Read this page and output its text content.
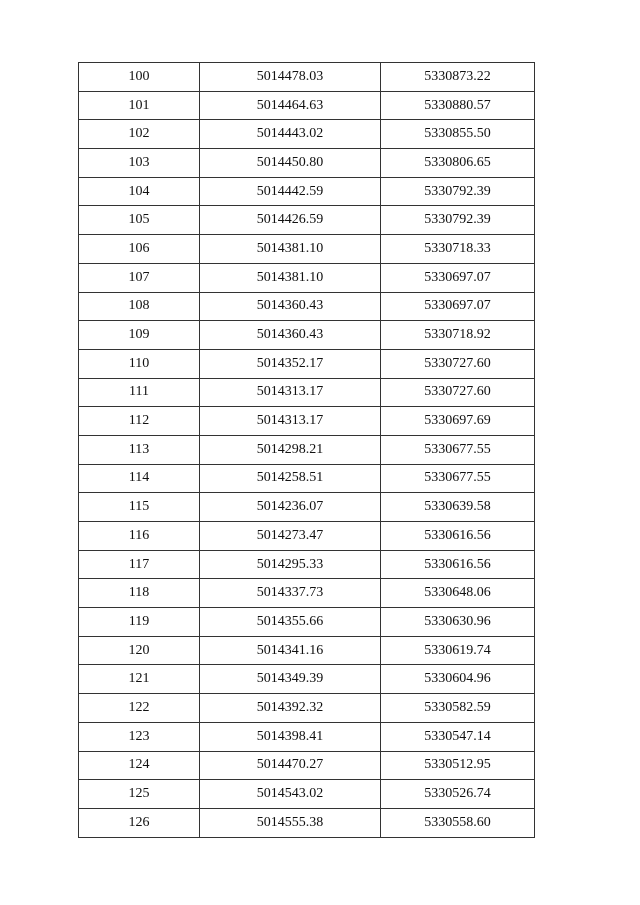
100	5014478.03	5330873.22
101	5014464.63	5330880.57
102	5014443.02	5330855.50
103	5014450.80	5330806.65
104	5014442.59	5330792.39
105	5014426.59	5330792.39
106	5014381.10	5330718.33
107	5014381.10	5330697.07
108	5014360.43	5330697.07
109	5014360.43	5330718.92
110	5014352.17	5330727.60
111	5014313.17	5330727.60
112	5014313.17	5330697.69
113	5014298.21	5330677.55
114	5014258.51	5330677.55
115	5014236.07	5330639.58
116	5014273.47	5330616.56
117	5014295.33	5330616.56
118	5014337.73	5330648.06
119	5014355.66	5330630.96
120	5014341.16	5330619.74
121	5014349.39	5330604.96
122	5014392.32	5330582.59
123	5014398.41	5330547.14
124	5014470.27	5330512.95
125	5014543.02	5330526.74
126	5014555.38	5330558.60
